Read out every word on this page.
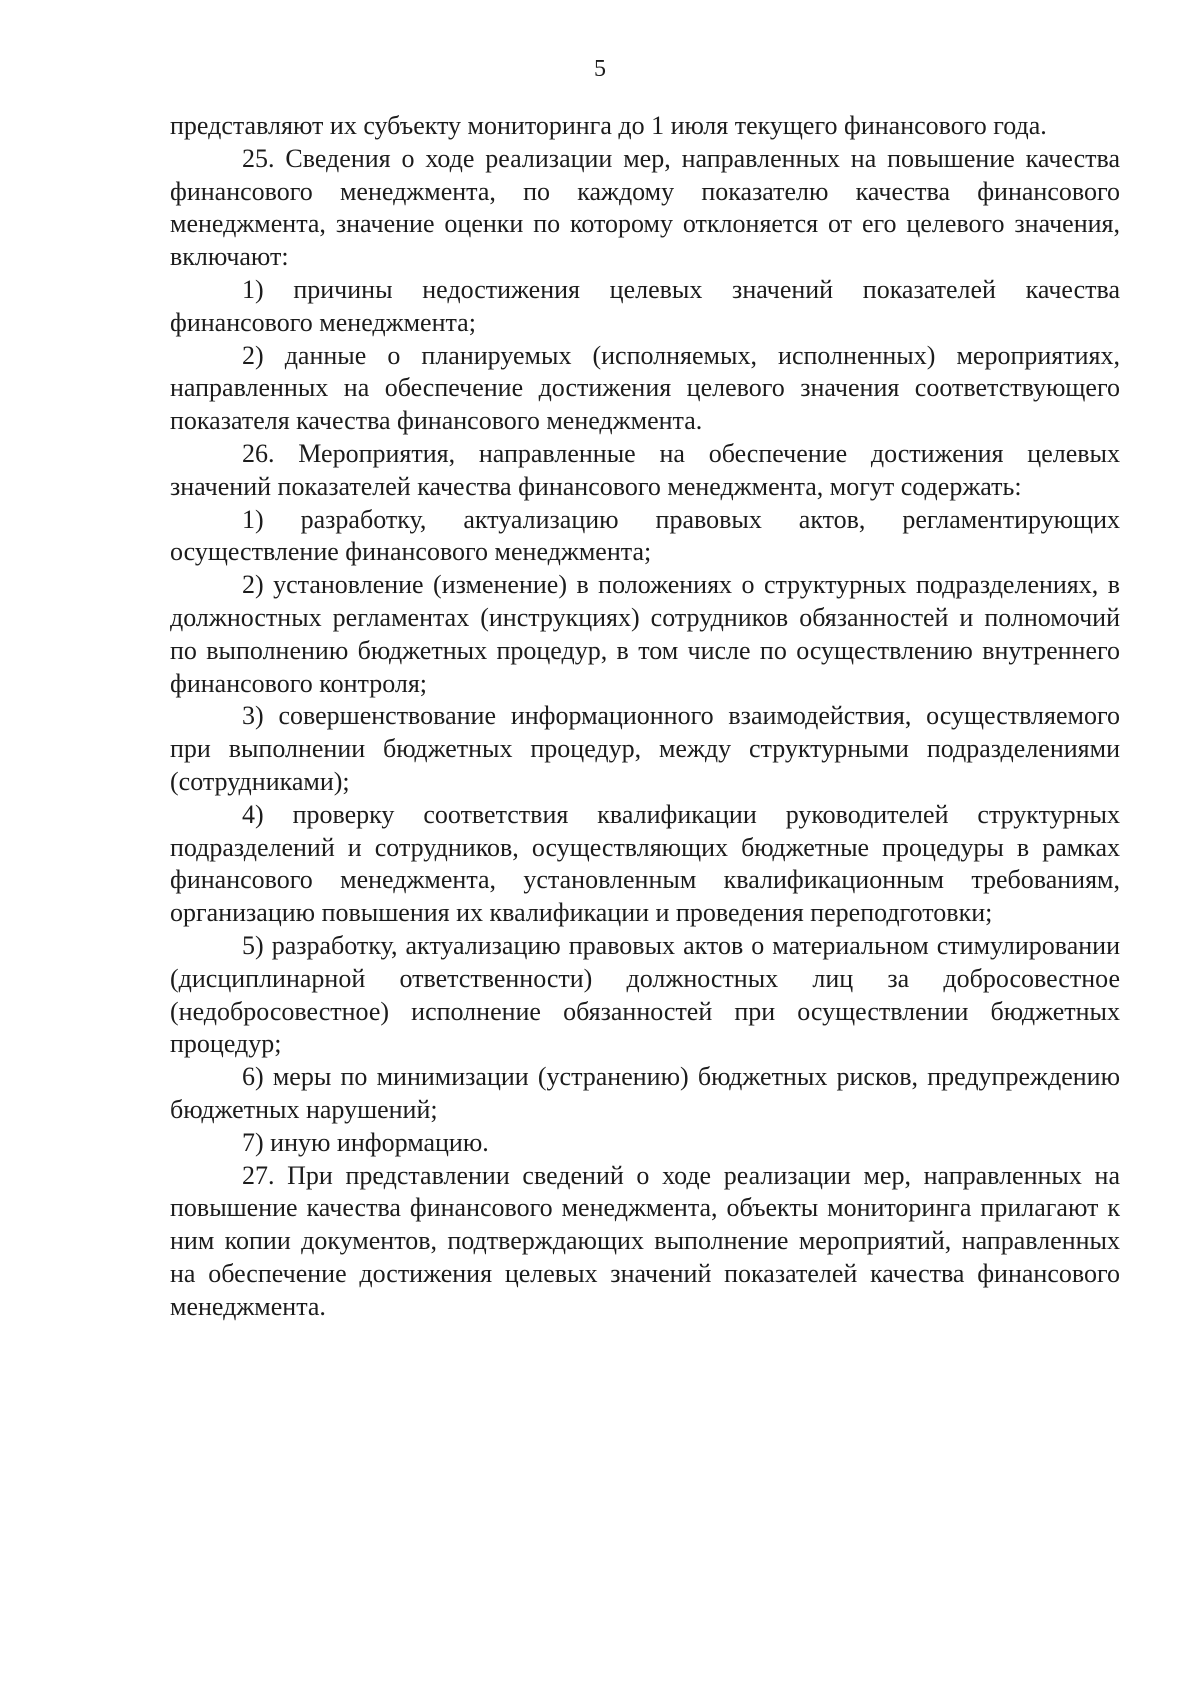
5

представляют их субъекту мониторинга до 1 июля текущего финансового года.

25. Сведения о ходе реализации мер, направленных на повышение качества финансового менеджмента, по каждому показателю качества финансового менеджмента, значение оценки по которому отклоняется от его целевого значения, включают:

1) причины недостижения целевых значений показателей качества финансового менеджмента;

2) данные о планируемых (исполняемых, исполненных) мероприятиях, направленных на обеспечение достижения целевого значения соответствующего показателя качества финансового менеджмента.

26. Мероприятия, направленные на обеспечение достижения целевых значений показателей качества финансового менеджмента, могут содержать:

1) разработку, актуализацию правовых актов, регламентирующих осуществление финансового менеджмента;

2) установление (изменение) в положениях о структурных подразделениях, в должностных регламентах (инструкциях) сотрудников обязанностей и полномочий по выполнению бюджетных процедур, в том числе по осуществлению внутреннего финансового контроля;

3) совершенствование информационного взаимодействия, осуществляемого при выполнении бюджетных процедур, между структурными подразделениями (сотрудниками);

4) проверку соответствия квалификации руководителей структурных подразделений и сотрудников, осуществляющих бюджетные процедуры в рамках финансового менеджмента, установленным квалификационным требованиям, организацию повышения их квалификации и проведения переподготовки;

5) разработку, актуализацию правовых актов о материальном стимулировании (дисциплинарной ответственности) должностных лиц за добросовестное (недобросовестное) исполнение обязанностей при осуществлении бюджетных процедур;

6) меры по минимизации (устранению) бюджетных рисков, предупреждению бюджетных нарушений;

7) иную информацию.

27. При представлении сведений о ходе реализации мер, направленных на повышение качества финансового менеджмента, объекты мониторинга прилагают к ним копии документов, подтверждающих выполнение мероприятий, направленных на обеспечение достижения целевых значений показателей качества финансового менеджмента.
